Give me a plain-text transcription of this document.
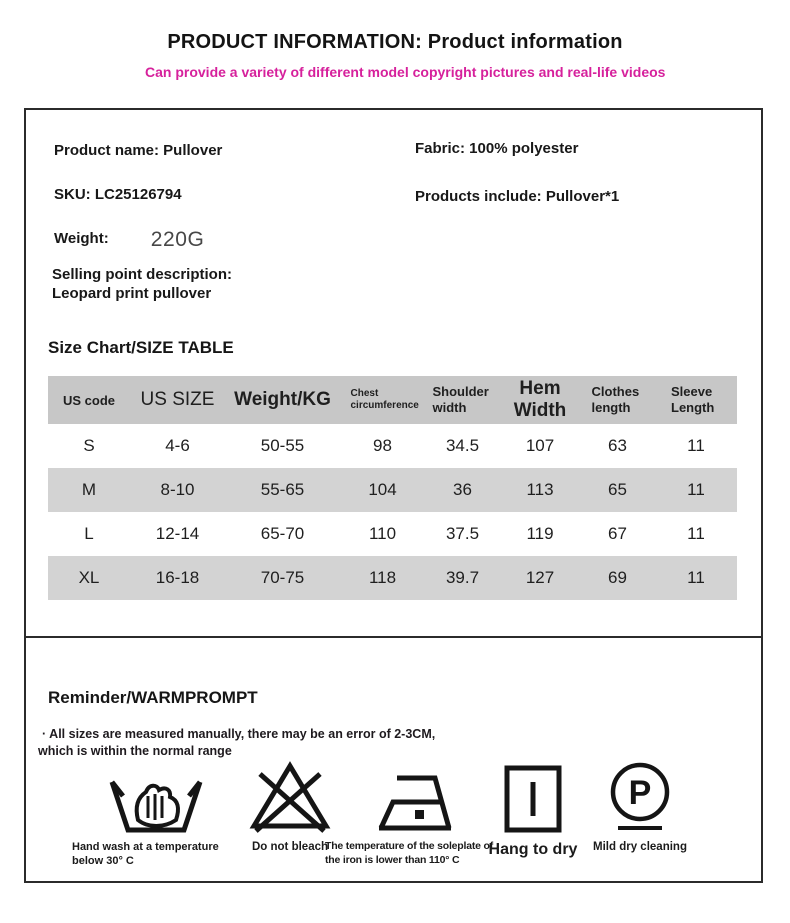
PRODUCT INFORMATION: Product information
Can provide a variety of different model copyright pictures and real-life videos
Product name: Pullover	Fabric: 100% polyester
SKU: LC25126794	Products include: Pullover*1
Weight: 220G
Selling point description:
Leopard print pullover
Size Chart/SIZE TABLE
US code	US SIZE	Weight/KG	Chest circumference	Shoulder width	Hem Width	Clothes length	Sleeve Length
S	4-6	50-55	98	34.5	107	63	11
M	8-10	55-65	104	36	113	65	11
L	12-14	65-70	110	37.5	119	67	11
XL	16-18	70-75	118	39.7	127	69	11
Reminder/WARMPROMPT
· All sizes are measured manually, there may be an error of 2-3CM,
which is within the normal range
Hand wash at a temperature below 30° C
Do not bleach
The temperature of the soleplate of the iron is lower than 110° C
Hang to dry
P
Mild dry cleaning
